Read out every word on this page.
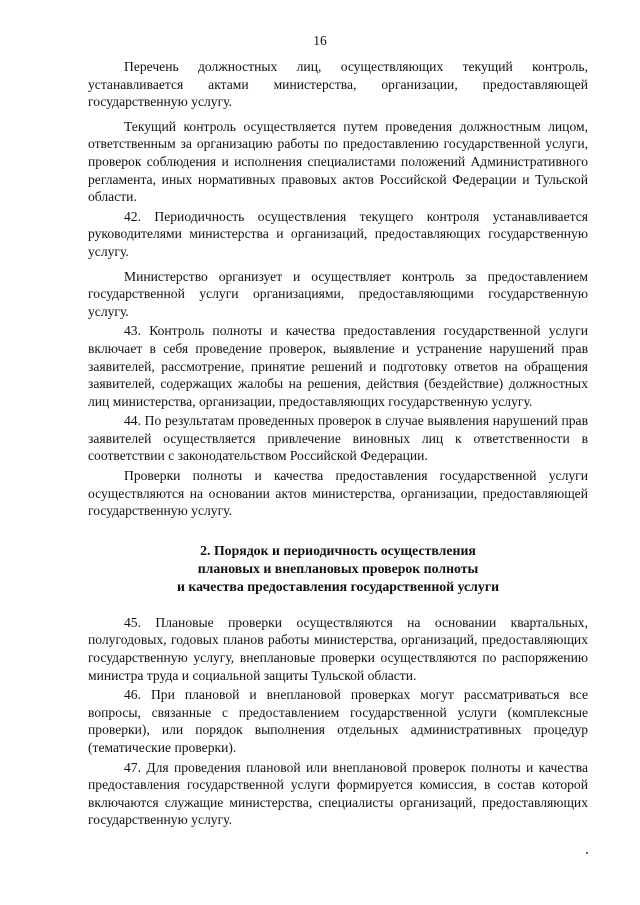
16

Перечень должностных лиц, осуществляющих текущий контроль, устанавливается актами министерства, организации, предоставляющей государственную услугу.

Текущий контроль осуществляется путем проведения должностным лицом, ответственным за организацию работы по предоставлению государственной услуги, проверок соблюдения и исполнения специалистами положений Административного регламента, иных нормативных правовых актов Российской Федерации и Тульской области.

42. Периодичность осуществления текущего контроля устанавливается руководителями министерства и организаций, предоставляющих государственную услугу.

Министерство организует и осуществляет контроль за предоставлением государственной услуги организациями, предоставляющими государственную услугу.

43. Контроль полноты и качества предоставления государственной услуги включает в себя проведение проверок, выявление и устранение нарушений прав заявителей, рассмотрение, принятие решений и подготовку ответов на обращения заявителей, содержащих жалобы на решения, действия (бездействие) должностных лиц министерства, организации, предоставляющих государственную услугу.

44. По результатам проведенных проверок в случае выявления нарушений прав заявителей осуществляется привлечение виновных лиц к ответственности в соответствии с законодательством Российской Федерации.

Проверки полноты и качества предоставления государственной услуги осуществляются на основании актов министерства, организации, предоставляющей государственную услугу.

2. Порядок и периодичность осуществления
плановых и внеплановых проверок полноты
и качества предоставления государственной услуги

45. Плановые проверки осуществляются на основании квартальных, полугодовых, годовых планов работы министерства, организаций, предоставляющих государственную услугу, внеплановые проверки осуществляются по распоряжению министра труда и социальной защиты Тульской области.

46. При плановой и внеплановой проверках могут рассматриваться все вопросы, связанные с предоставлением государственной услуги (комплексные проверки), или порядок выполнения отдельных административных процедур (тематические проверки).

47. Для проведения плановой или внеплановой проверок полноты и качества предоставления государственной услуги формируется комиссия, в состав которой включаются служащие министерства, специалисты организаций, предоставляющих государственную услугу.
